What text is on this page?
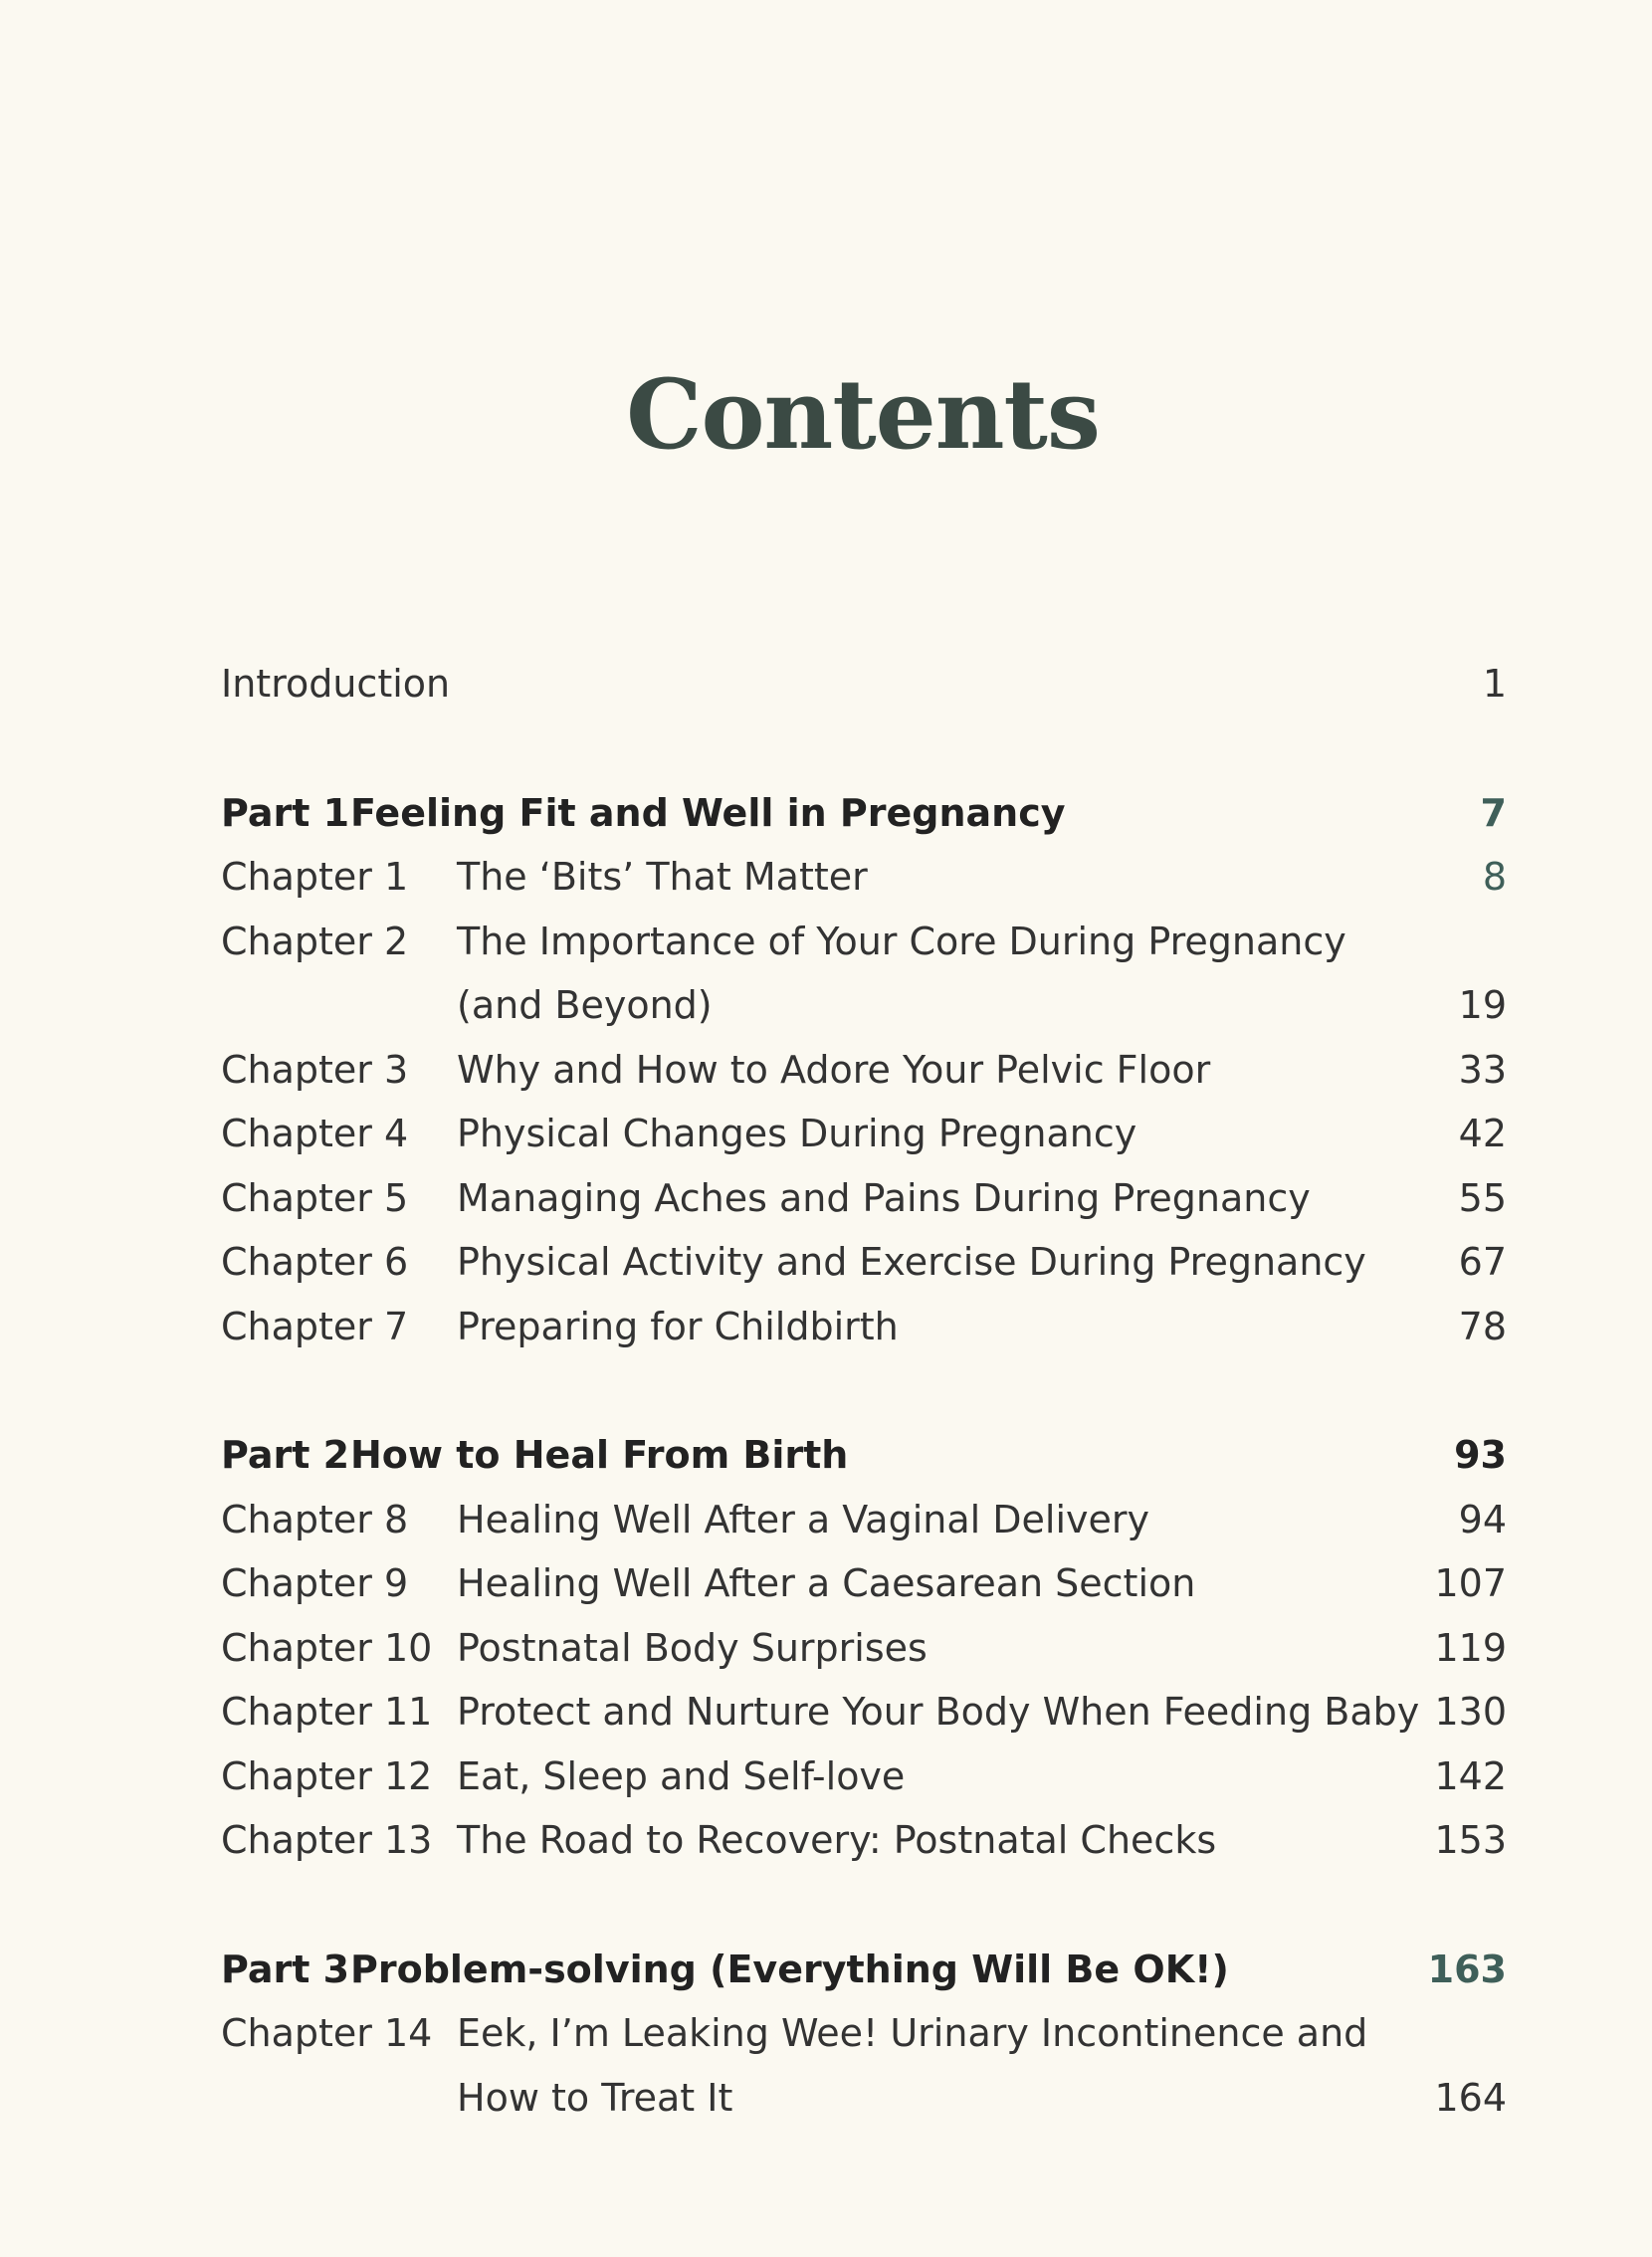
Contents
Introduction	1
Part 1 Feeling Fit and Well in Pregnancy	7
Chapter 1 The ‘Bits’ That Matter	8
Chapter 2 The Importance of Your Core During Pregnancy
(and Beyond)	19
Chapter 3 Why and How to Adore Your Pelvic Floor	33
Chapter 4 Physical Changes During Pregnancy	42
Chapter 5 Managing Aches and Pains During Pregnancy	55
Chapter 6 Physical Activity and Exercise During Pregnancy 67
Chapter 7 Preparing for Childbirth	78
Part 2 How to Heal From Birth	93
Chapter 8 Healing Well After a Vaginal Delivery	94
Chapter 9 Healing Well After a Caesarean Section	107
Chapter 10 Postnatal Body Surprises	119
Chapter 11 Protect and Nurture Your Body When Feeding Baby 130
Chapter 12 Eat, Sleep and Self-love	142
Chapter 13 The Road to Recovery: Postnatal Checks	153
Part 3 Problem-solving (Everything Will Be OK!)	163
Chapter 14 Eek, I’m Leaking Wee! Urinary Incontinence and
How to Treat It	164
